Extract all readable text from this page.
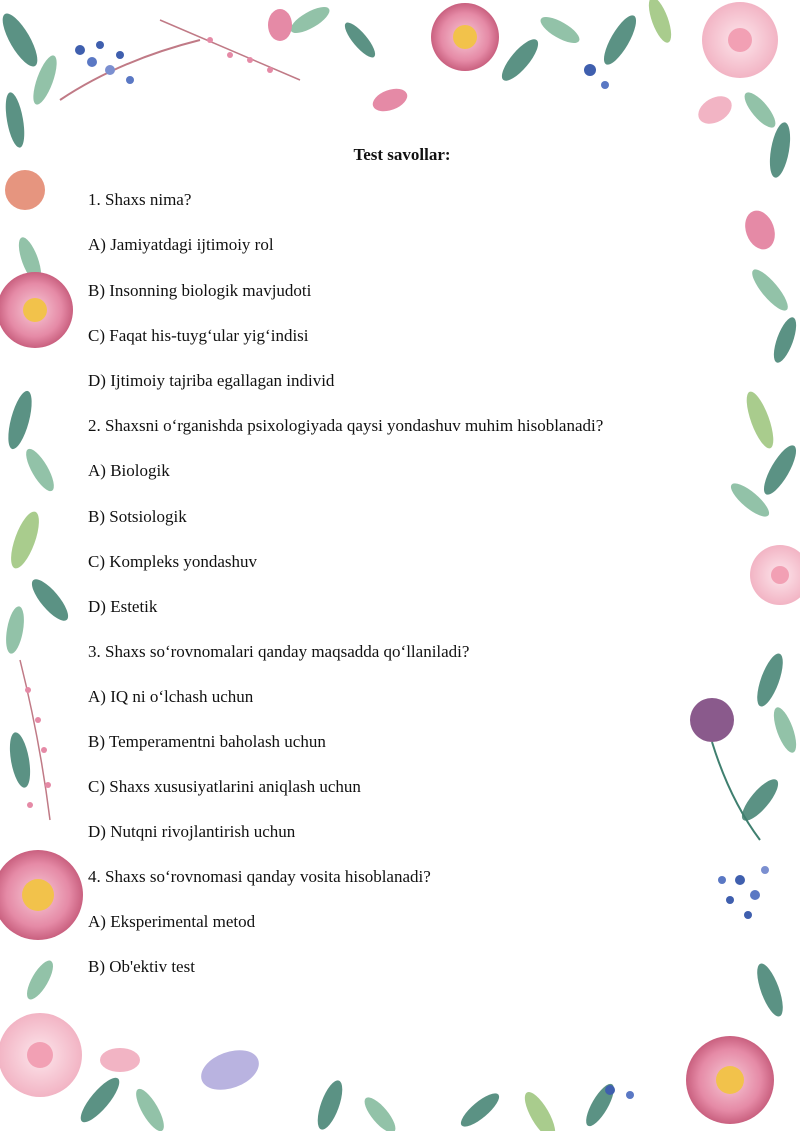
Test savollar:
1. Shaxs nima?
A) Jamiyatdagi ijtimoiy rol
B) Insonning biologik mavjudoti
C) Faqat his-tuyg‘ular yig‘indisi
D) Ijtimoiy tajriba egallagan individ
2. Shaxsni o‘rganishda psixologiyada qaysi yondashuv muhim hisoblanadi?
A) Biologik
B) Sotsiologik
C) Kompleks yondashuv
D) Estetik
3. Shaxs so‘rovnomalari qanday maqsadda qo‘llaniladi?
A) IQ ni o‘lchash uchun
B) Temperamentni baholash uchun
C) Shaxs xususiyatlarini aniqlash uchun
D) Nutqni rivojlantirish uchun
4. Shaxs so‘rovnomasi qanday vosita hisoblanadi?
A) Eksperimental metod
B) Ob'ektiv test
